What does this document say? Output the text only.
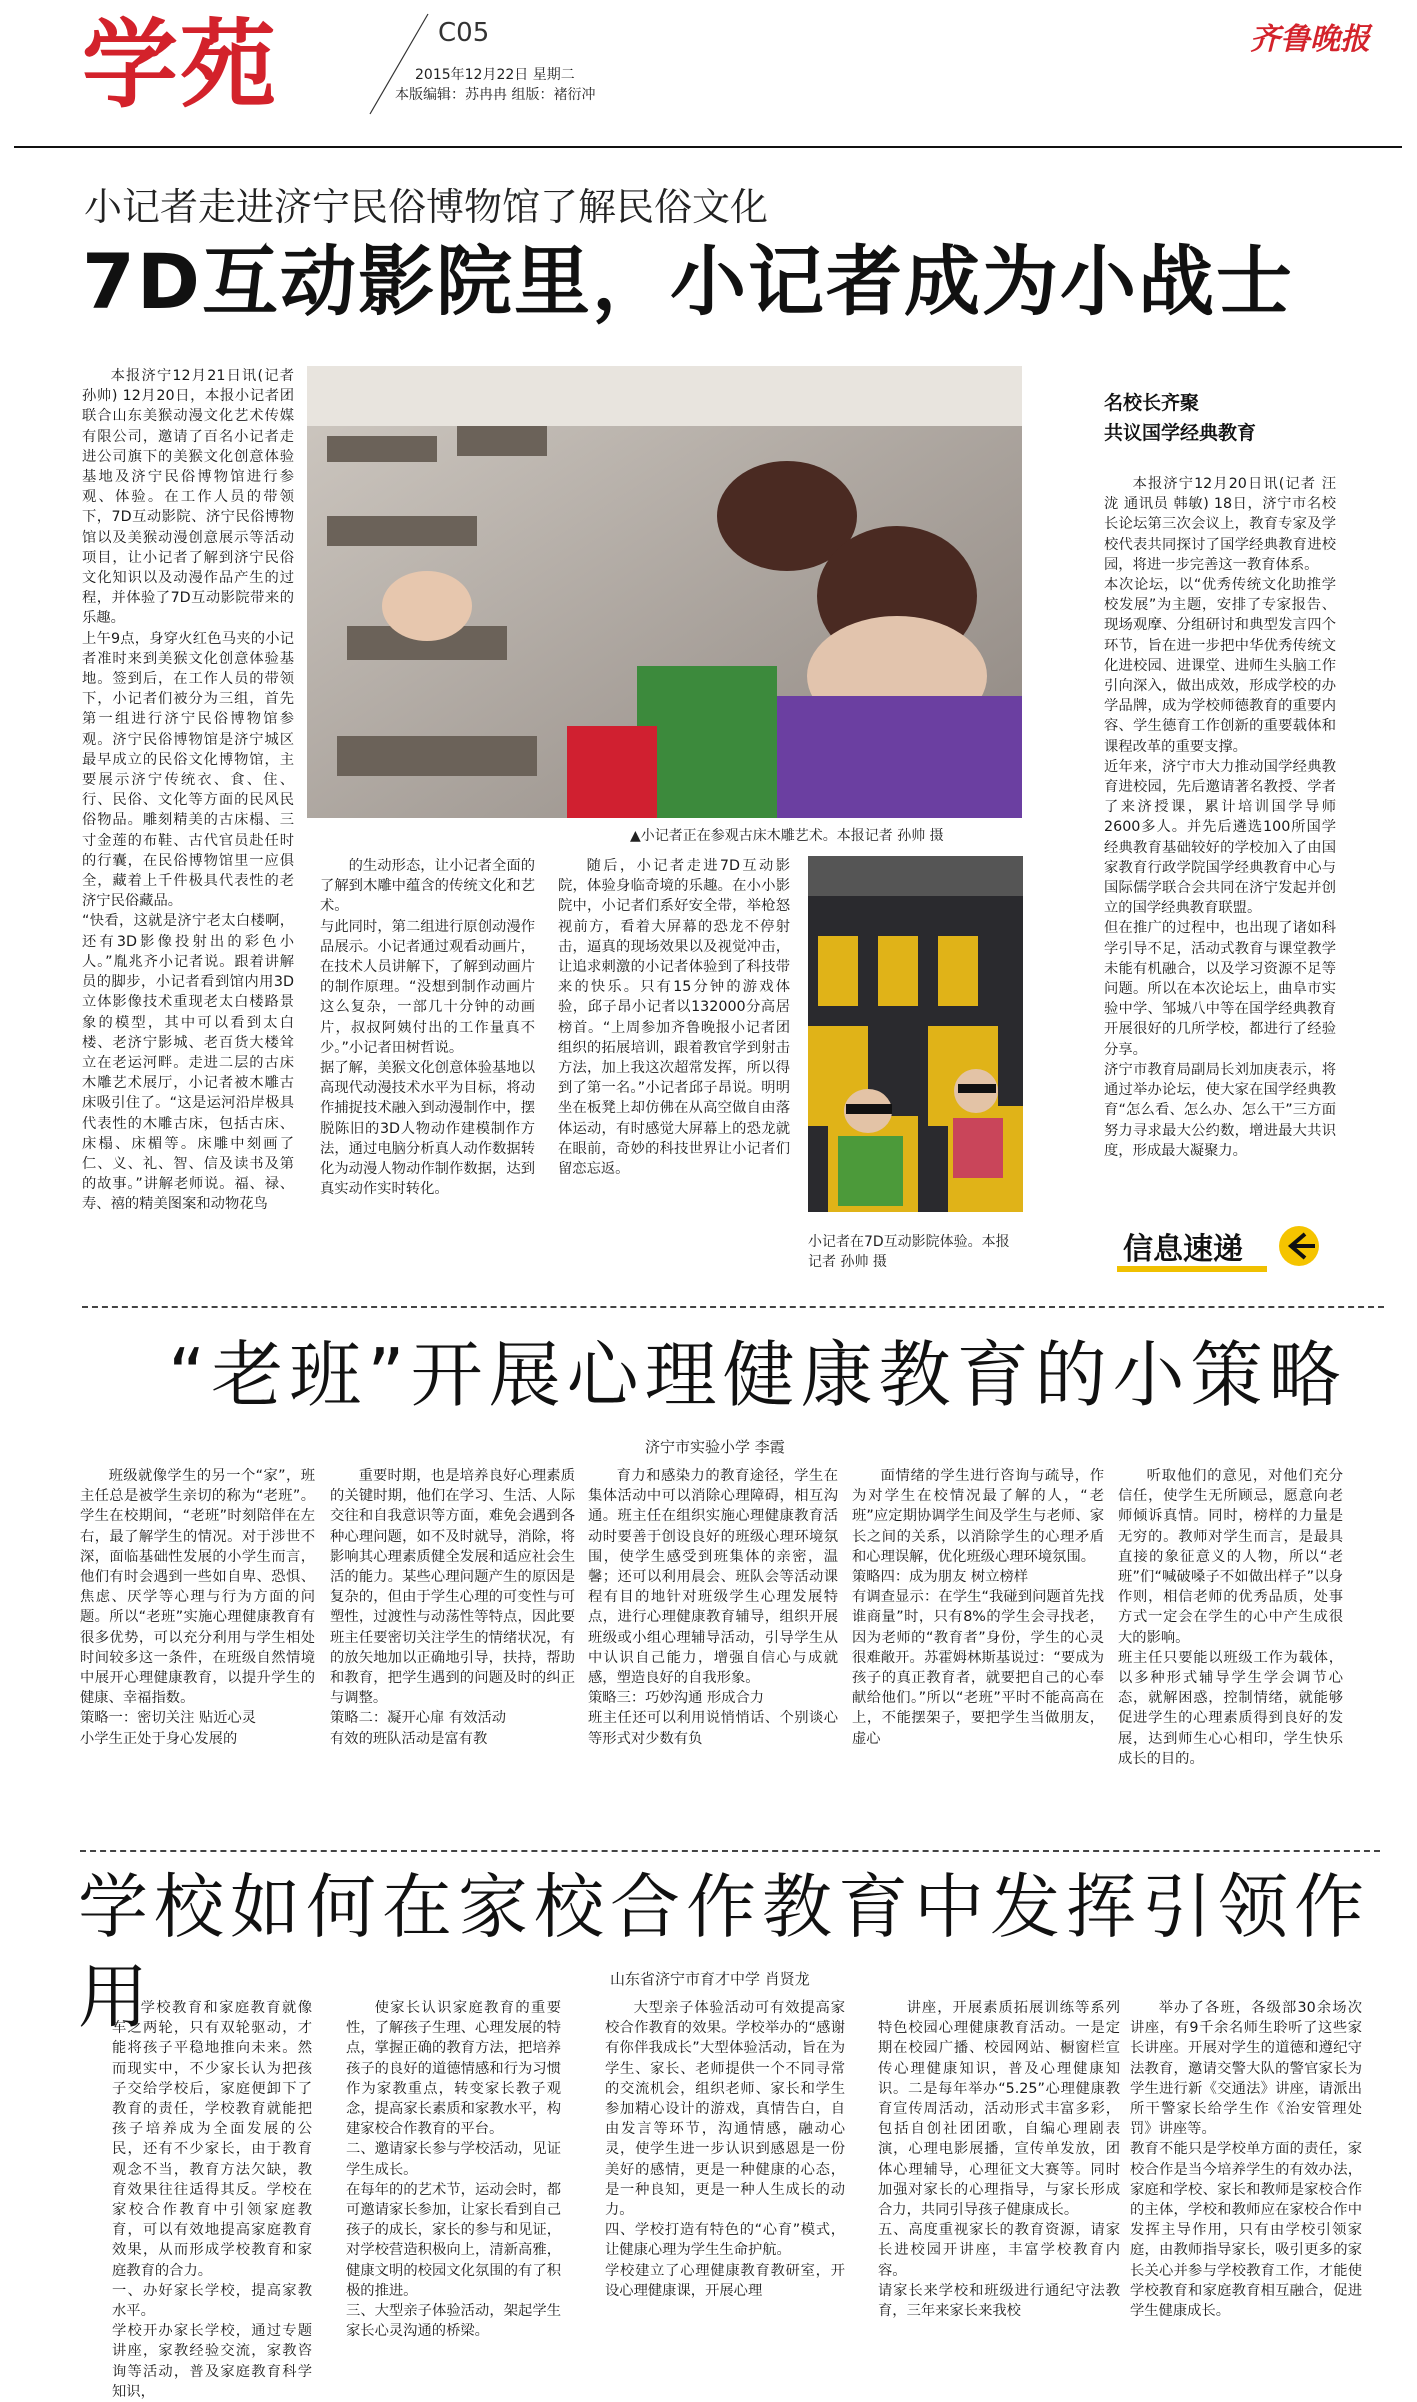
学苑	C05
2015年12月22日 星期二
本版编辑：苏冉冉 组版：褚衍冲
齐鲁晚报
小记者走进济宁民俗博物馆了解民俗文化
7D互动影院里，小记者成为小战士
本报济宁12月21日讯(记者 孙帅) 12月20日，本报小记者团联合山东美猴动漫文化艺术传媒有限公司，邀请了百名小记者走进公司旗下的美猴文化创意体验基地及济宁民俗博物馆进行参观、体验。在工作人员的带领下，7D互动影院、济宁民俗博物馆以及美猴动漫创意展示等活动项目，让小记者了解到济宁民俗文化知识以及动漫作品产生的过程，并体验了7D互动影院带来的乐趣。
上午9点，身穿火红色马夹的小记者准时来到美猴文化创意体验基地。签到后，在工作人员的带领下，小记者们被分为三组，首先第一组进行济宁民俗博物馆参观。济宁民俗博物馆是济宁城区最早成立的民俗文化博物馆，主要展示济宁传统衣、食、住、行、民俗、文化等方面的民风民俗物品。雕刻精美的古床榻、三寸金莲的布鞋、古代官员赴任时的行囊，在民俗博物馆里一应俱全，藏着上千件极具代表性的老济宁民俗藏品。
“快看，这就是济宁老太白楼啊，还有3D影像投射出的彩色小人。”胤兆齐小记者说。跟着讲解员的脚步，小记者看到馆内用3D立体影像技术重现老太白楼路景象的模型，其中可以看到太白楼、老济宁影城、老百货大楼耸立在老运河畔。走进二层的古床木雕艺术展厅，小记者被木雕古床吸引住了。“这是运河沿岸极具代表性的木雕古床，包括古床、床榻、床楣等。床雕中刻画了仁、义、礼、智、信及读书及第的故事。”讲解老师说。福、禄、寿、禧的精美图案和动物花鸟
▲小记者正在参观古床木雕艺术。本报记者 孙帅 摄
的生动形态，让小记者全面的了解到木雕中蕴含的传统文化和艺术。
与此同时，第二组进行原创动漫作品展示。小记者通过观看动画片，在技术人员讲解下，了解到动画片的制作原理。“没想到制作动画片这么复杂，一部几十分钟的动画片，叔叔阿姨付出的工作量真不少。”小记者田树哲说。
据了解，美猴文化创意体验基地以高现代动漫技术水平为目标，将动作捕捉技术融入到动漫制作中，摆脱陈旧的3D人物动作建模制作方法，通过电脑分析真人动作数据转化为动漫人物动作制作数据，达到真实动作实时转化。
随后，小记者走进7D互动影院，体验身临奇境的乐趣。在小小影院中，小记者们系好安全带，举枪怒视前方，看着大屏幕的恐龙不停射击，逼真的现场效果以及视觉冲击，让追求刺激的小记者体验到了科技带来的快乐。只有15分钟的游戏体验，邱子昂小记者以132000分高居榜首。“上周参加齐鲁晚报小记者团组织的拓展培训，跟着教官学到射击方法，加上我这次超常发挥，所以得到了第一名。”小记者邱子昂说。明明坐在板凳上却仿佛在从高空做自由落体运动，有时感觉大屏幕上的恐龙就在眼前，奇妙的科技世界让小记者们留恋忘返。
小记者在7D互动影院体验。本报记者 孙帅 摄
名校长齐聚
共议国学经典教育
本报济宁12月20日讯(记者 汪泷 通讯员 韩敏) 18日，济宁市名校长论坛第三次会议上，教育专家及学校代表共同探讨了国学经典教育进校园，将进一步完善这一教育体系。
本次论坛，以“优秀传统文化助推学校发展”为主题，安排了专家报告、现场观摩、分组研讨和典型发言四个环节，旨在进一步把中华优秀传统文化进校园、进课堂、进师生头脑工作引向深入，做出成效，形成学校的办学品牌，成为学校师德教育的重要内容、学生德育工作创新的重要载体和课程改革的重要支撑。
近年来，济宁市大力推动国学经典教育进校园，先后邀请著名教授、学者了来济授课，累计培训国学导师2600多人。并先后遴选100所国学经典教育基础较好的学校加入了由国家教育行政学院国学经典教育中心与国际儒学联合会共同在济宁发起并创立的国学经典教育联盟。
但在推广的过程中，也出现了诸如科学引导不足，活动式教育与课堂教学未能有机融合，以及学习资源不足等问题。所以在本次论坛上，曲阜市实验中学、邹城八中等在国学经典教育开展很好的几所学校，都进行了经验分享。
济宁市教育局副局长刘加庚表示，将通过举办论坛，使大家在国学经典教育“怎么看、怎么办、怎么干”三方面努力寻求最大公约数，增进最大共识度，形成最大凝聚力。
信息速递
“老班”开展心理健康教育的小策略
济宁市实验小学 李霞
班级就像学生的另一个“家”，班主任总是被学生亲切的称为“老班”。学生在校期间，“老班”时刻陪伴在左右，最了解学生的情况。对于涉世不深，面临基础性发展的小学生而言，他们有时会遇到一些如自卑、恐惧、焦虑、厌学等心理与行为方面的问题。所以“老班”实施心理健康教育有很多优势，可以充分利用与学生相处时间较多这一条件，在班级自然情境中展开心理健康教育，以提升学生的健康、幸福指数。
策略一：密切关注 贴近心灵
小学生正处于身心发展的
重要时期，也是培养良好心理素质的关键时期，他们在学习、生活、人际交往和自我意识等方面，难免会遇到各种心理问题，如不及时就导，消除，将影响其心理素质健全发展和适应社会生活的能力。某些心理问题产生的原因是复杂的，但由于学生心理的可变性与可塑性，过渡性与动荡性等特点，因此要班主任要密切关注学生的情绪状况，有的放矢地加以正确地引导，扶持，帮助和教育，把学生遇到的问题及时的纠正与调整。
策略二：凝开心扉 有效活动
有效的班队活动是富有教
育力和感染力的教育途径，学生在集体活动中可以消除心理障碍，相互沟通。班主任在组织实施心理健康教育活动时要善于创设良好的班级心理环境氛围，使学生感受到班集体的亲密，温馨；还可以利用晨会、班队会等活动课程有目的地针对班级学生心理发展特点，进行心理健康教育辅导，组织开展班级或小组心理辅导活动，引导学生从中认识自己能力，增强自信心与成就感，塑造良好的自我形象。
策略三：巧妙沟通 形成合力
班主任还可以利用说悄悄话、个别谈心等形式对少数有负
面情绪的学生进行咨询与疏导，作为对学生在校情况最了解的人，“老班”应定期协调学生间及学生与老师、家长之间的关系，以消除学生的心理矛盾和心理误解，优化班级心理环境氛围。
策略四：成为朋友 树立榜样
有调查显示：在学生“我碰到问题首先找谁商量”时，只有8%的学生会寻找老，因为老师的“教育者”身份，学生的心灵很难敞开。苏霍姆林斯基说过：“要成为孩子的真正教育者，就要把自己的心奉献给他们。”所以“老班”平时不能高高在上，不能摆架子，要把学生当做朋友，虚心
听取他们的意见，对他们充分信任，使学生无所顾忌，愿意向老师倾诉真情。同时，榜样的力量是无穷的。教师对学生而言，是最具直接的象征意义的人物，所以“老班”们“喊破嗓子不如做出样子”以身作则，相信老师的优秀品质，处事方式一定会在学生的心中产生成很大的影响。
班主任只要能以班级工作为载体，以多种形式辅导学生学会调节心态，就解困惑，控制情绪，就能够促进学生的心理素质得到良好的发展，达到师生心心相印，学生快乐成长的目的。
学校如何在家校合作教育中发挥引领作用	山东省济宁市育才中学 肖贤龙
学校教育和家庭教育就像车之两轮，只有双轮驱动，才能将孩子平稳地推向未来。然而现实中，不少家长认为把孩子交给学校后，家庭便卸下了教育的责任，学校教育就能把孩子培养成为全面发展的公民，还有不少家长，由于教育观念不当，教育方法欠缺，教育效果往往适得其反。学校在家校合作教育中引领家庭教育，可以有效地提高家庭教育效果，从而形成学校教育和家庭教育的合力。
一、办好家长学校，提高家教水平。
学校开办家长学校，通过专题讲座，家教经验交流，家教咨询等活动，普及家庭教育科学知识，
使家长认识家庭教育的重要性，了解孩子生理、心理发展的特点，掌握正确的教育方法，把培养孩子的良好的道德情感和行为习惯作为家教重点，转变家长教子观念，提高家长素质和家教水平，构建家校合作教育的平台。
二、邀请家长参与学校活动，见证学生成长。
在每年的的艺术节，运动会时，都可邀请家长参加，让家长看到自己孩子的成长，家长的参与和见证，对学校营造积极向上，清新高雅，健康文明的校园文化氛围的有了积极的推进。
三、大型亲子体验活动，架起学生家长心灵沟通的桥梁。
大型亲子体验活动可有效提高家校合作教育的效果。学校举办的“感谢有你伴我成长”大型体验活动，旨在为学生、家长、老师提供一个不同寻常的交流机会，组织老师、家长和学生参加精心设计的游戏，真情告白，自由发言等环节，沟通情感，融动心灵，使学生进一步认识到感恩是一份美好的感情，更是一种健康的心态，是一种良知，更是一种人生成长的动力。
四、学校打造有特色的“心育”模式，让健康心理为学生生命护航。
学校建立了心理健康教育教研室，开设心理健康课，开展心理
讲座，开展素质拓展训练等系列特色校园心理健康教育活动。一是定期在校园广播、校园网站、橱窗栏宣传心理健康知识，普及心理健康知识。二是每年举办“5.25”心理健康教育宣传周活动，活动形式丰富多彩，包括自创社团团歌，自编心理剧表演，心理电影展播，宣传单发放，团体心理辅导，心理征文大赛等。同时加强对家长的心理指导，与家长形成合力，共同引导孩子健康成长。
五、高度重视家长的教育资源，请家长进校园开讲座，丰富学校教育内容。
请家长来学校和班级进行通纪守法教育，三年来家长来我校
举办了各班，各级部30余场次讲座，有9千余名师生聆听了这些家长讲座。开展对学生的道德和遵纪守法教育，邀请交警大队的警官家长为学生进行新《交通法》讲座，请派出所干警家长给学生作《治安管理处罚》讲座等。
教育不能只是学校单方面的责任，家校合作是当今培养学生的有效办法，家庭和学校、家长和教师是家校合作的主体，学校和教师应在家校合作中发挥主导作用，只有由学校引领家庭，由教师指导家长，吸引更多的家长关心并参与学校教育工作，才能使学校教育和家庭教育相互融合，促进学生健康成长。
